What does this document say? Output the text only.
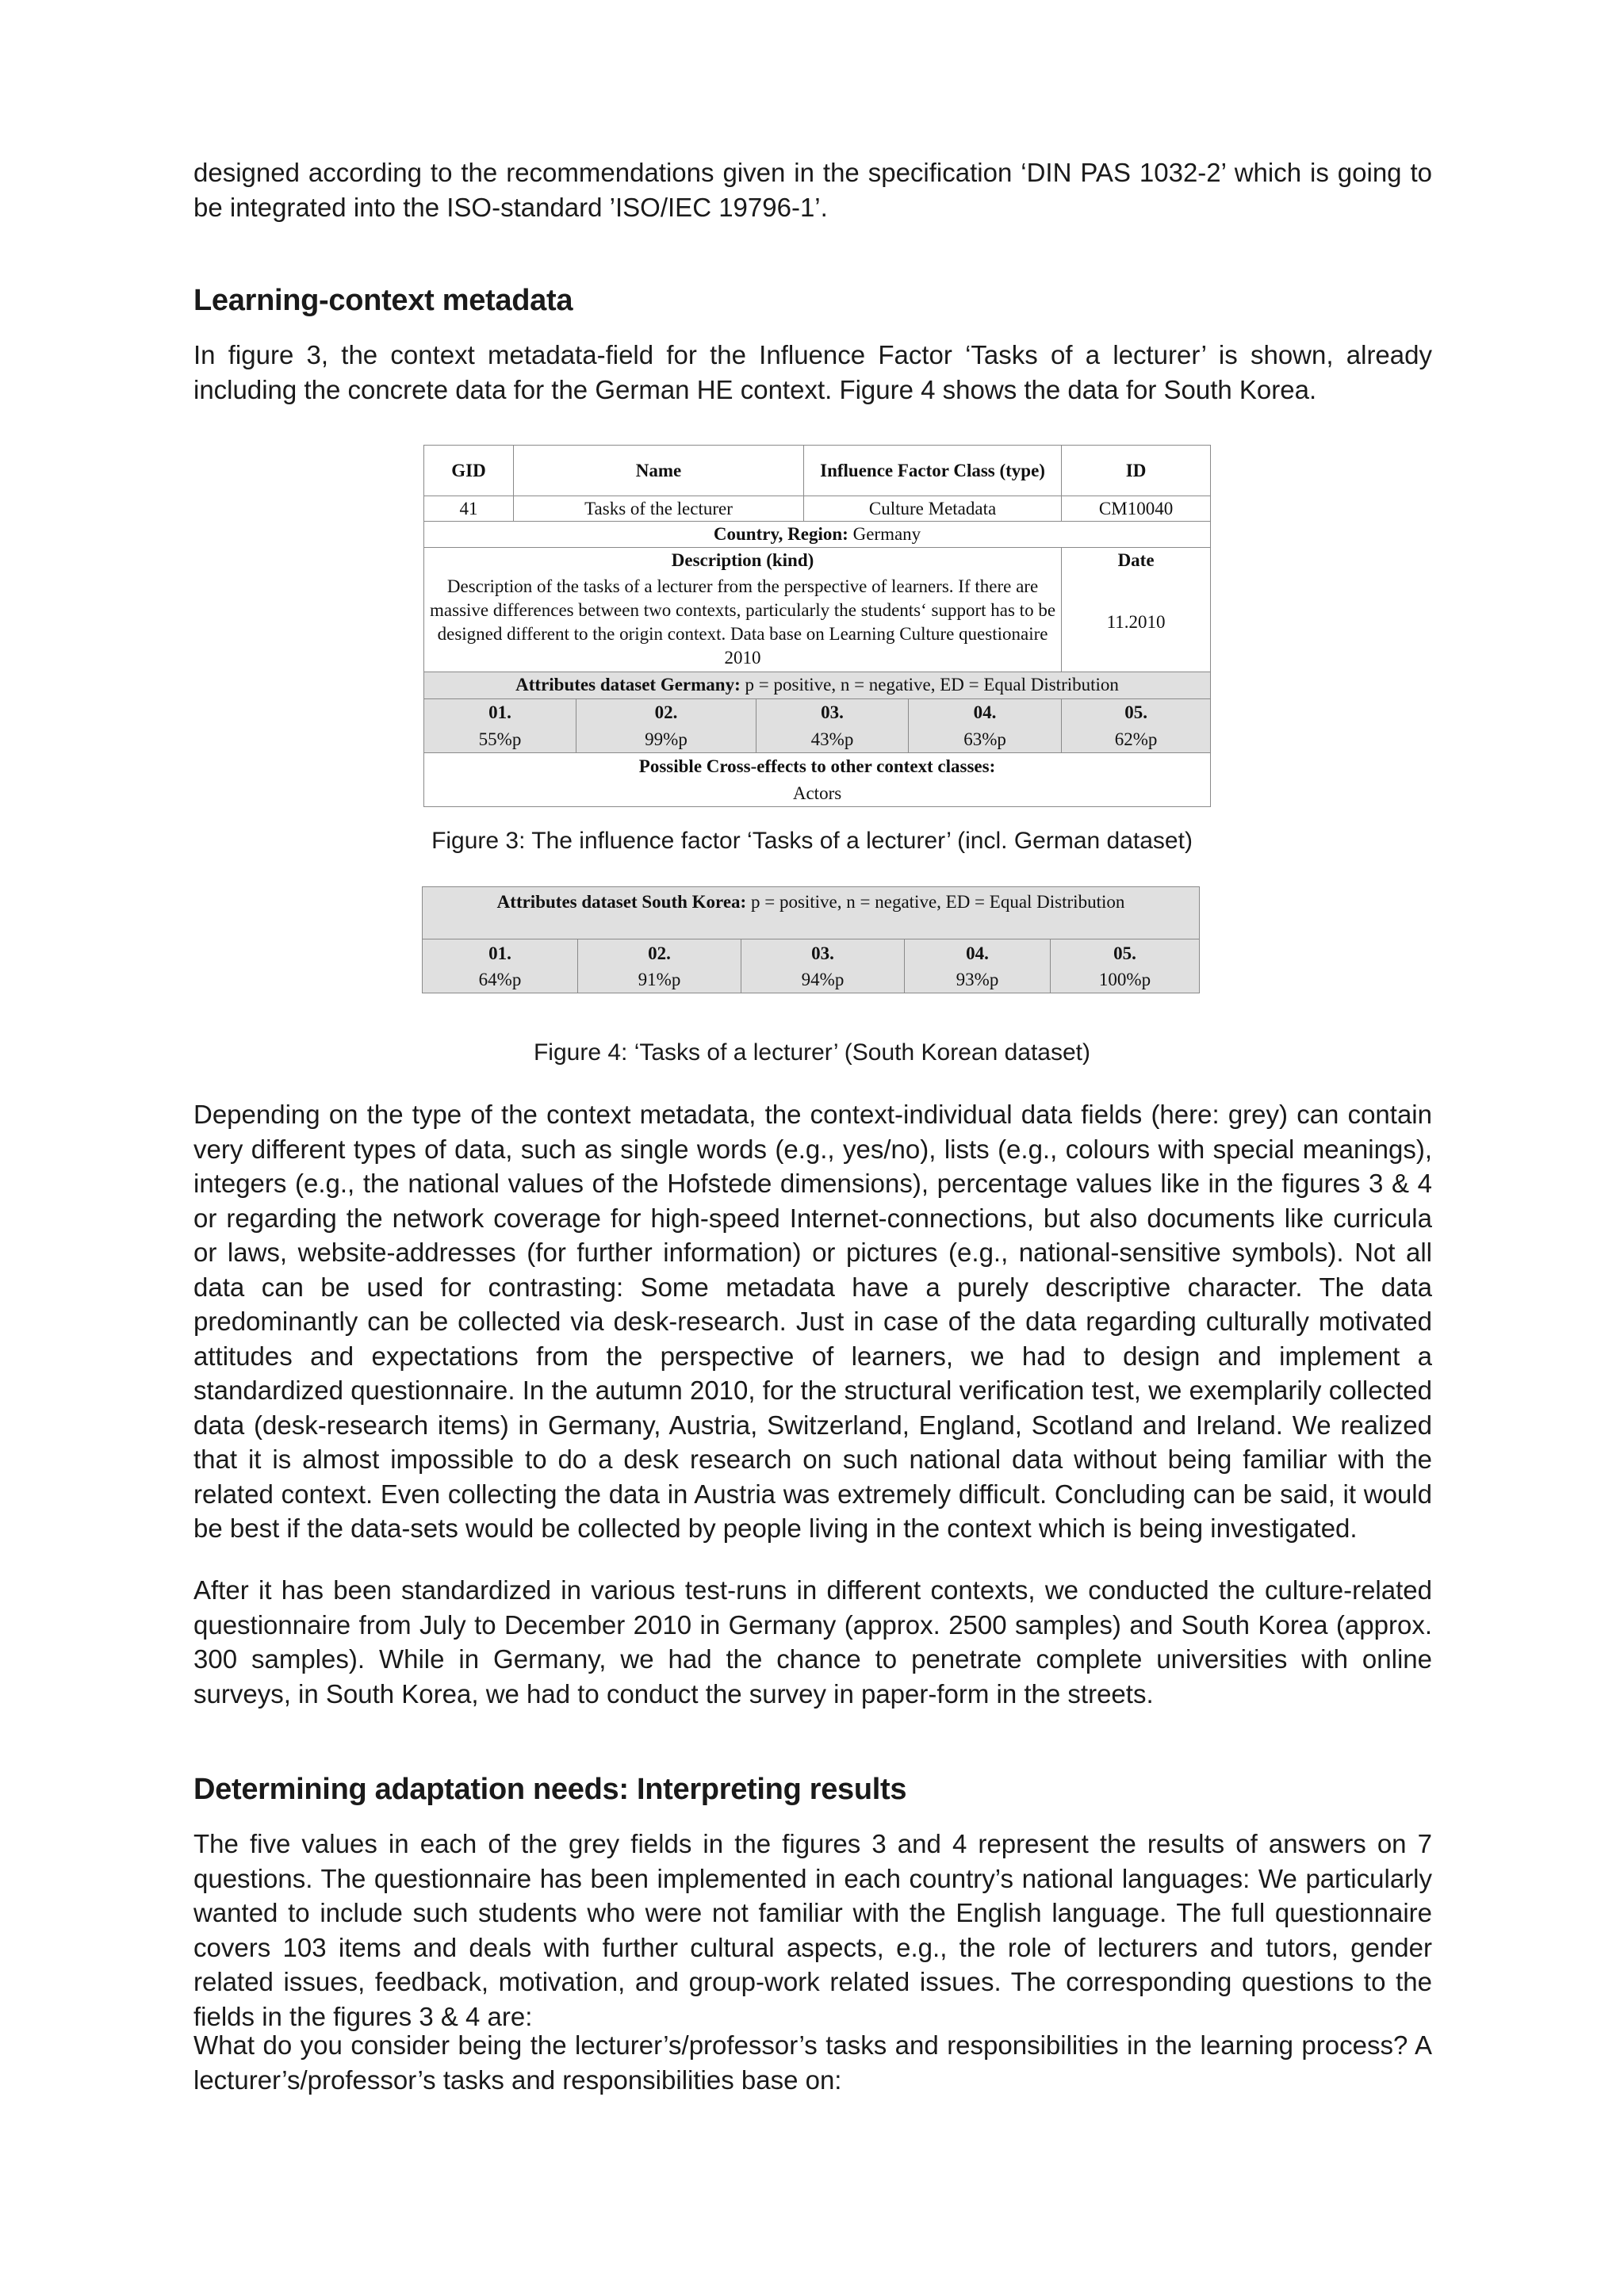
designed according to the recommendations given in the specification ‘DIN PAS 1032-2’ which is going to be integrated into the ISO-standard ’ISO/IEC 19796-1’.

Learning-context metadata

In figure 3, the context metadata-field for the Influence Factor ‘Tasks of a lecturer’ is shown, already including the concrete data for the German HE context. Figure 4 shows the data for South Korea.

GID	Name			Influence Factor Class (type)		ID
41	Tasks of the lecturer			Culture Metadata		CM10040
Country, Region: Germany						
Description (kind)						Date
Description of the tasks of a lecturer from the perspective of learners. If there are massive differences between two contexts, particularly the students‘ support has to be designed different to the origin context. Data base on Learning Culture questionaire 2010						11.2010
Attributes dataset Germany: p = positive, n = negative, ED = Equal Distribution						
01.		02.	03.		04.	05.
55%p		99%p	43%p		63%p	62%p
Possible Cross-effects to other context classes:						
Actors						

Figure 3: The influence factor ‘Tasks of a lecturer’ (incl. German dataset)

Attributes dataset South Korea: p = positive, n = negative, ED = Equal Distribution				
01.	02.	03.	04.	05.
64%p	91%p	94%p	93%p	100%p

Figure 4: ‘Tasks of a lecturer’ (South Korean dataset)

Depending on the type of the context metadata, the context-individual data fields (here: grey) can contain very different types of data, such as single words (e.g., yes/no), lists (e.g., colours with special meanings), integers (e.g., the national values of the Hofstede dimensions), percentage values like in the figures 3 & 4 or regarding the network coverage for high-speed Internet-connections, but also documents like curricula or laws, website-addresses (for further information) or pictures (e.g., national-sensitive symbols). Not all data can be used for contrasting: Some metadata have a purely descriptive character. The data predominantly can be collected via desk-research. Just in case of the data regarding culturally motivated attitudes and expectations from the perspective of learners, we had to design and implement a standardized questionnaire. In the autumn 2010, for the structural verification test, we exemplarily collected data (desk-research items) in Germany, Austria, Switzerland, England, Scotland and Ireland. We realized that it is almost impossible to do a desk research on such national data without being familiar with the related context. Even collecting the data in Austria was extremely difficult. Concluding can be said, it would be best if the data-sets would be collected by people living in the context which is being investigated.

After it has been standardized in various test-runs in different contexts, we conducted the culture-related questionnaire from July to December 2010 in Germany (approx. 2500 samples) and South Korea (approx. 300 samples). While in Germany, we had the chance to penetrate complete universities with online surveys, in South Korea, we had to conduct the survey in paper-form in the streets.

Determining adaptation needs: Interpreting results

The five values in each of the grey fields in the figures 3 and 4 represent the results of answers on 7 questions. The questionnaire has been implemented in each country’s national languages: We particularly wanted to include such students who were not familiar with the English language. The full questionnaire covers 103 items and deals with further cultural aspects, e.g., the role of lecturers and tutors, gender related issues, feedback, motivation, and group-work related issues. The corresponding questions to the fields in the figures 3 & 4 are:

What do you consider being the lecturer’s/professor’s tasks and responsibilities in the learning process? A lecturer’s/professor’s tasks and responsibilities base on:
